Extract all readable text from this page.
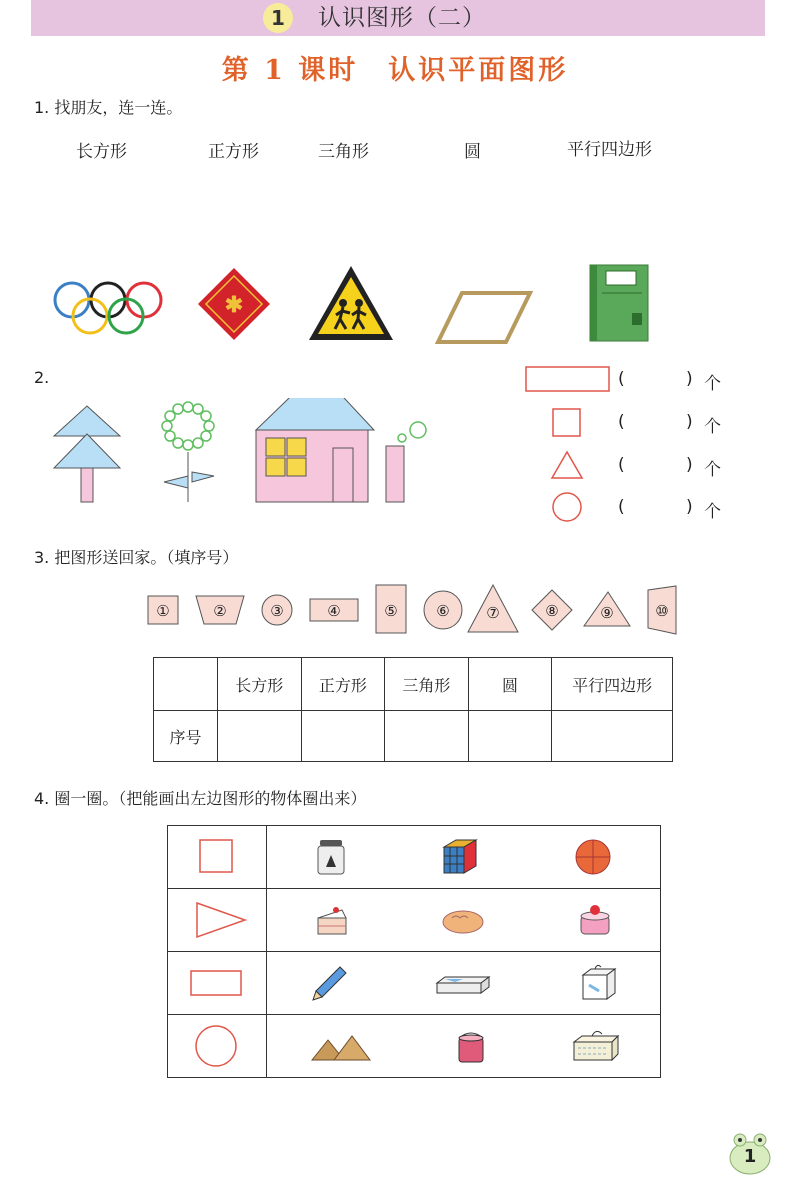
1	认识图形（二）
第 1 课时　认识平面图形
1. 找朋友，连一连。
长方形	正方形	三角形	圆	平行四边形
✱
2.	(	) 个
(	) 个
(	) 个
(	) 个
3. 把图形送回家。（填序号）
①	②	③	④	⑤	⑥ ⑦	⑧	⑨	⑩
	长方形	正方形	三角形	圆	平行四边形
序号					
4. 圈一圈。（把能画出左边图形的物体圈出来）

1
